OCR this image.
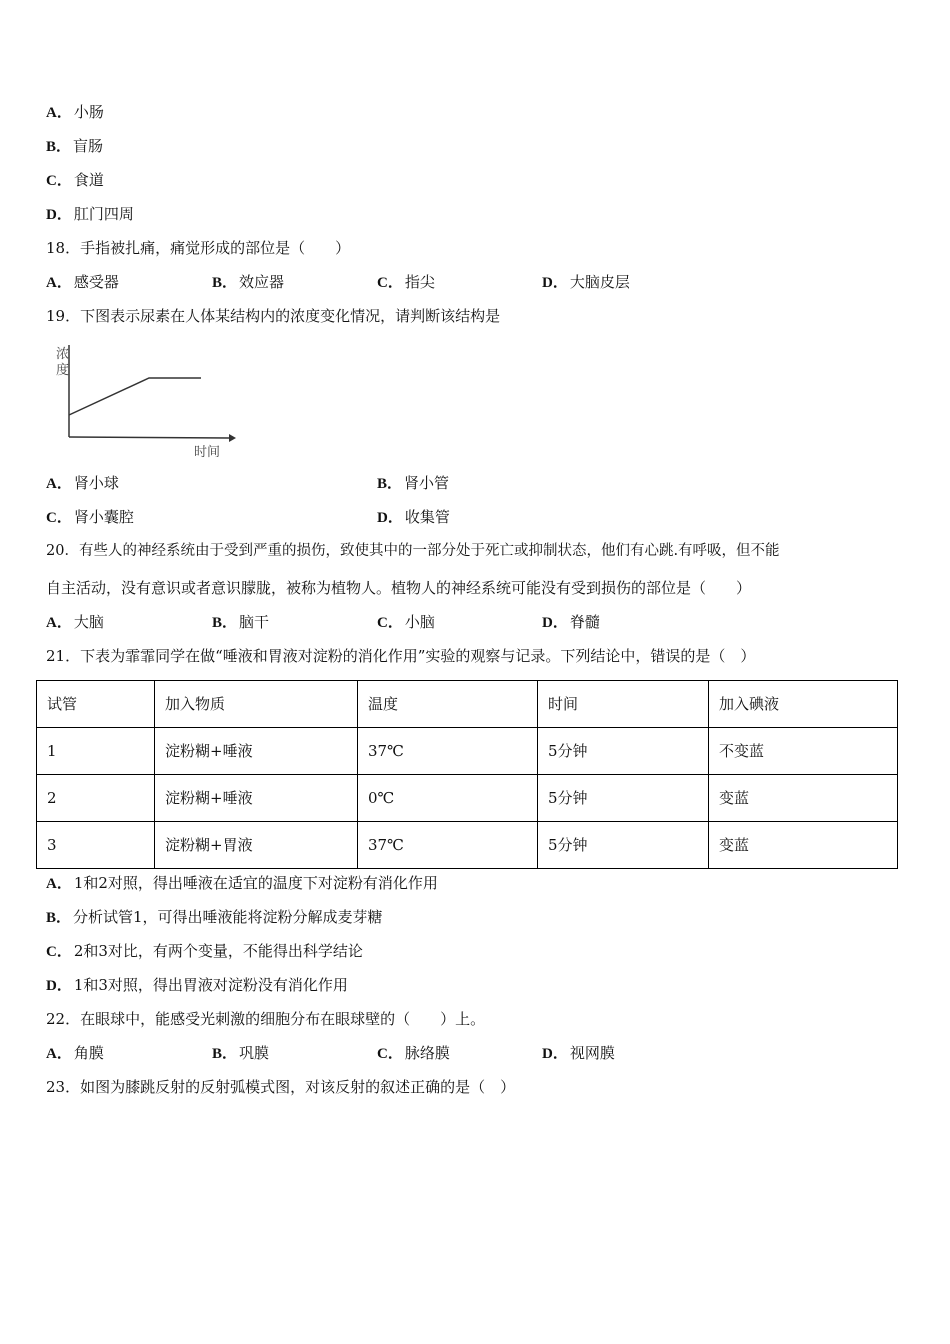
A． 小肠
B． 盲肠
C． 食道
D． 肛门四周
18．手指被扎痛，痛觉形成的部位是（　　）
A． 感受器	B． 效应器	C． 指尖	D． 大脑皮层
19．下图表示尿素在人体某结构内的浓度变化情况，请判断该结构是
浓
度
时间
A． 肾小球	B． 肾小管
C． 肾小囊腔	D． 收集管
20．有些人的神经系统由于受到严重的损伤，致使其中的一部分处于死亡或抑制状态，他们有心跳.有呼吸，但不能
自主活动，没有意识或者意识朦胧，被称为植物人。植物人的神经系统可能没有受到损伤的部位是（　　）
A． 大脑	B． 脑干	C． 小脑	D． 脊髓
21．下表为霏霏同学在做“唾液和胃液对淀粉的消化作用”实验的观察与记录。下列结论中，错误的是（　）
试管	加入物质	温度	时间	加入碘液
1	淀粉糊+唾液	37℃	5分钟	不变蓝
2	淀粉糊+唾液	0℃	5分钟	变蓝
3	淀粉糊+胃液	37℃	5分钟	变蓝
A． 1和2对照，得出唾液在适宜的温度下对淀粉有消化作用
B． 分析试管1，可得出唾液能将淀粉分解成麦芽糖
C． 2和3对比，有两个变量，不能得出科学结论
D． 1和3对照，得出胃液对淀粉没有消化作用
22．在眼球中，能感受光刺激的细胞分布在眼球壁的（　　）上。
A． 角膜	B． 巩膜	C． 脉络膜	D． 视网膜
23．如图为膝跳反射的反射弧模式图，对该反射的叙述正确的是（　）
